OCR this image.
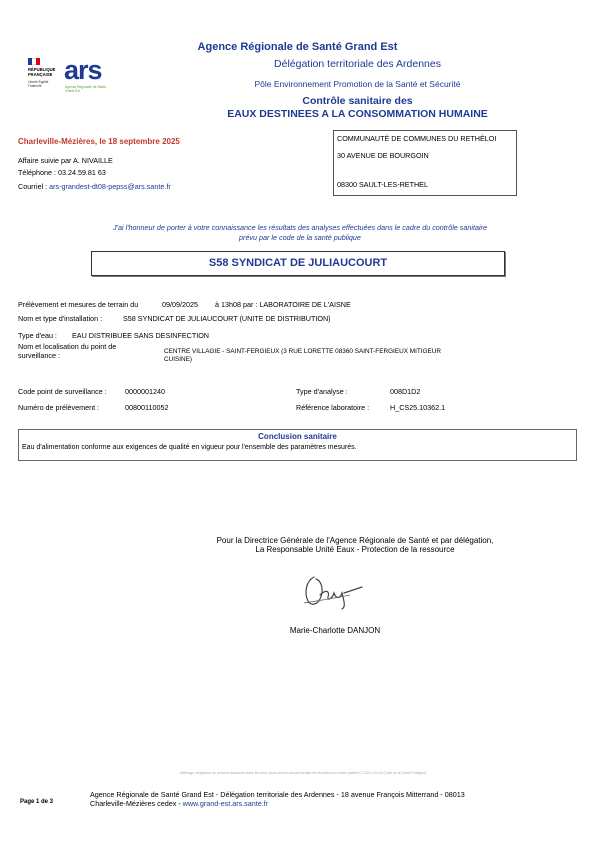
RÉPUBLIQUE
FRANÇAISE
Liberté Égalité Fraternité
ars
Agence Régionale de Santé Grand Est
Agence Régionale de Santé Grand Est
Délégation territoriale des Ardennes
Pôle Environnement Promotion de la Santé et Sécurité
Contrôle sanitaire des
EAUX DESTINEES A LA CONSOMMATION HUMAINE
Charleville-Mézières, le 18 septembre 2025
Affaire suivie par A. NIVAILLE
Téléphone : 03.24.59.81 63
Courriel : ars-grandest-dt08-pepss@ars.sante.fr
COMMUNAUTÉ DE COMMUNES DU RETHÉLOI
30 AVENUE DE BOURGOIN
08300 SAULT-LES-RETHEL
J'ai l'honneur de porter à votre connaissance les résultats des analyses effectuées dans le cadre du contrôle sanitaire
prévu par le code de la santé publique
S58 SYNDICAT DE JULIAUCOURT
Prélèvement et mesures de terrain du	09/09/2025 à 13h08 par : LABORATOIRE DE L'AISNE
Nom et type d'installation :	S58 SYNDICAT DE JULIAUCOURT (UNITE DE DISTRIBUTION)
Type d'eau : EAU DISTRIBUEE SANS DESINFECTION
Nom et localisation du point de
surveillance :	CENTRE VILLAGIE - SAINT-FERGIEUX (3 RUE LORETTE 08360 SAINT-FERGIEUX MITIGEUR
CUISINE)
Code point de surveillance :	0000001240	Type d'analyse :	008D1D2
Numéro de prélèvement :	00800110052	Référence laboratoire :	H_CS25.10362.1
Conclusion sanitaire
Eau d'alimentation conforme aux exigences de qualité en vigueur pour l'ensemble des paramètres mesurés.
Pour la Directrice Générale de l'Agence Régionale de Santé et par délégation,
La Responsable Unité Eaux - Protection de la ressource
Marie-Charlotte DANJON
Affichage obligatoire du présent document dans les deux jours ouvrés suivant la date de réception en mairie (article D.1321-104 du Code de la Santé Publique)
Page 1 de 3
Agence Régionale de Santé Grand Est - Délégation territoriale des Ardennes - 18 avenue François Mitterrand - 08013
Charleville-Mézières cedex - www.grand-est.ars.sante.fr
